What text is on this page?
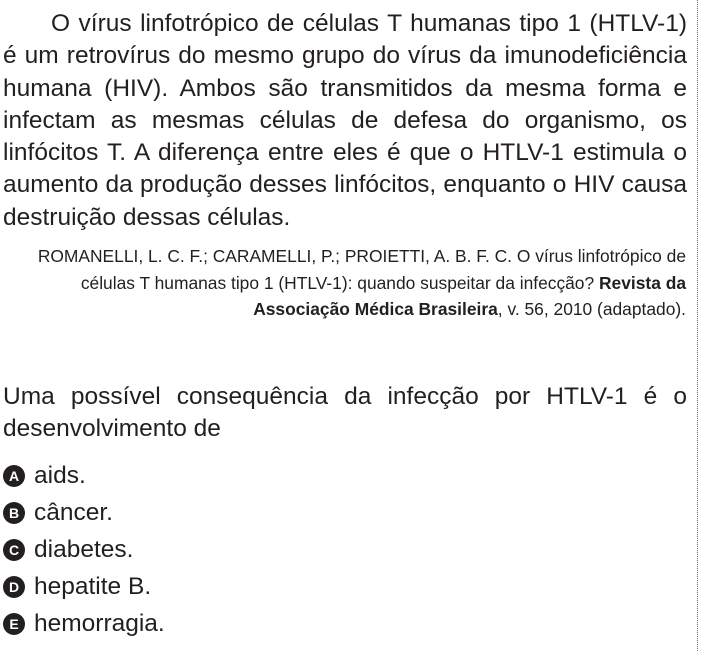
O vírus linfotrópico de células T humanas tipo 1 (HTLV-1) é um retrovírus do mesmo grupo do vírus da imunodeficiência humana (HIV). Ambos são transmitidos da mesma forma e infectam as mesmas células de defesa do organismo, os linfócitos T. A diferença entre eles é que o HTLV-1 estimula o aumento da produção desses linfócitos, enquanto o HIV causa destruição dessas células.

ROMANELLI, L. C. F.; CARAMELLI, P.; PROIETTI, A. B. F. C. O vírus linfotrópico de células T humanas tipo 1 (HTLV-1): quando suspeitar da infecção? Revista da Associação Médica Brasileira, v. 56, 2010 (adaptado).

Uma possível consequência da infecção por HTLV-1 é o desenvolvimento de

A aids.
B câncer.
C diabetes.
D hepatite B.
E hemorragia.
